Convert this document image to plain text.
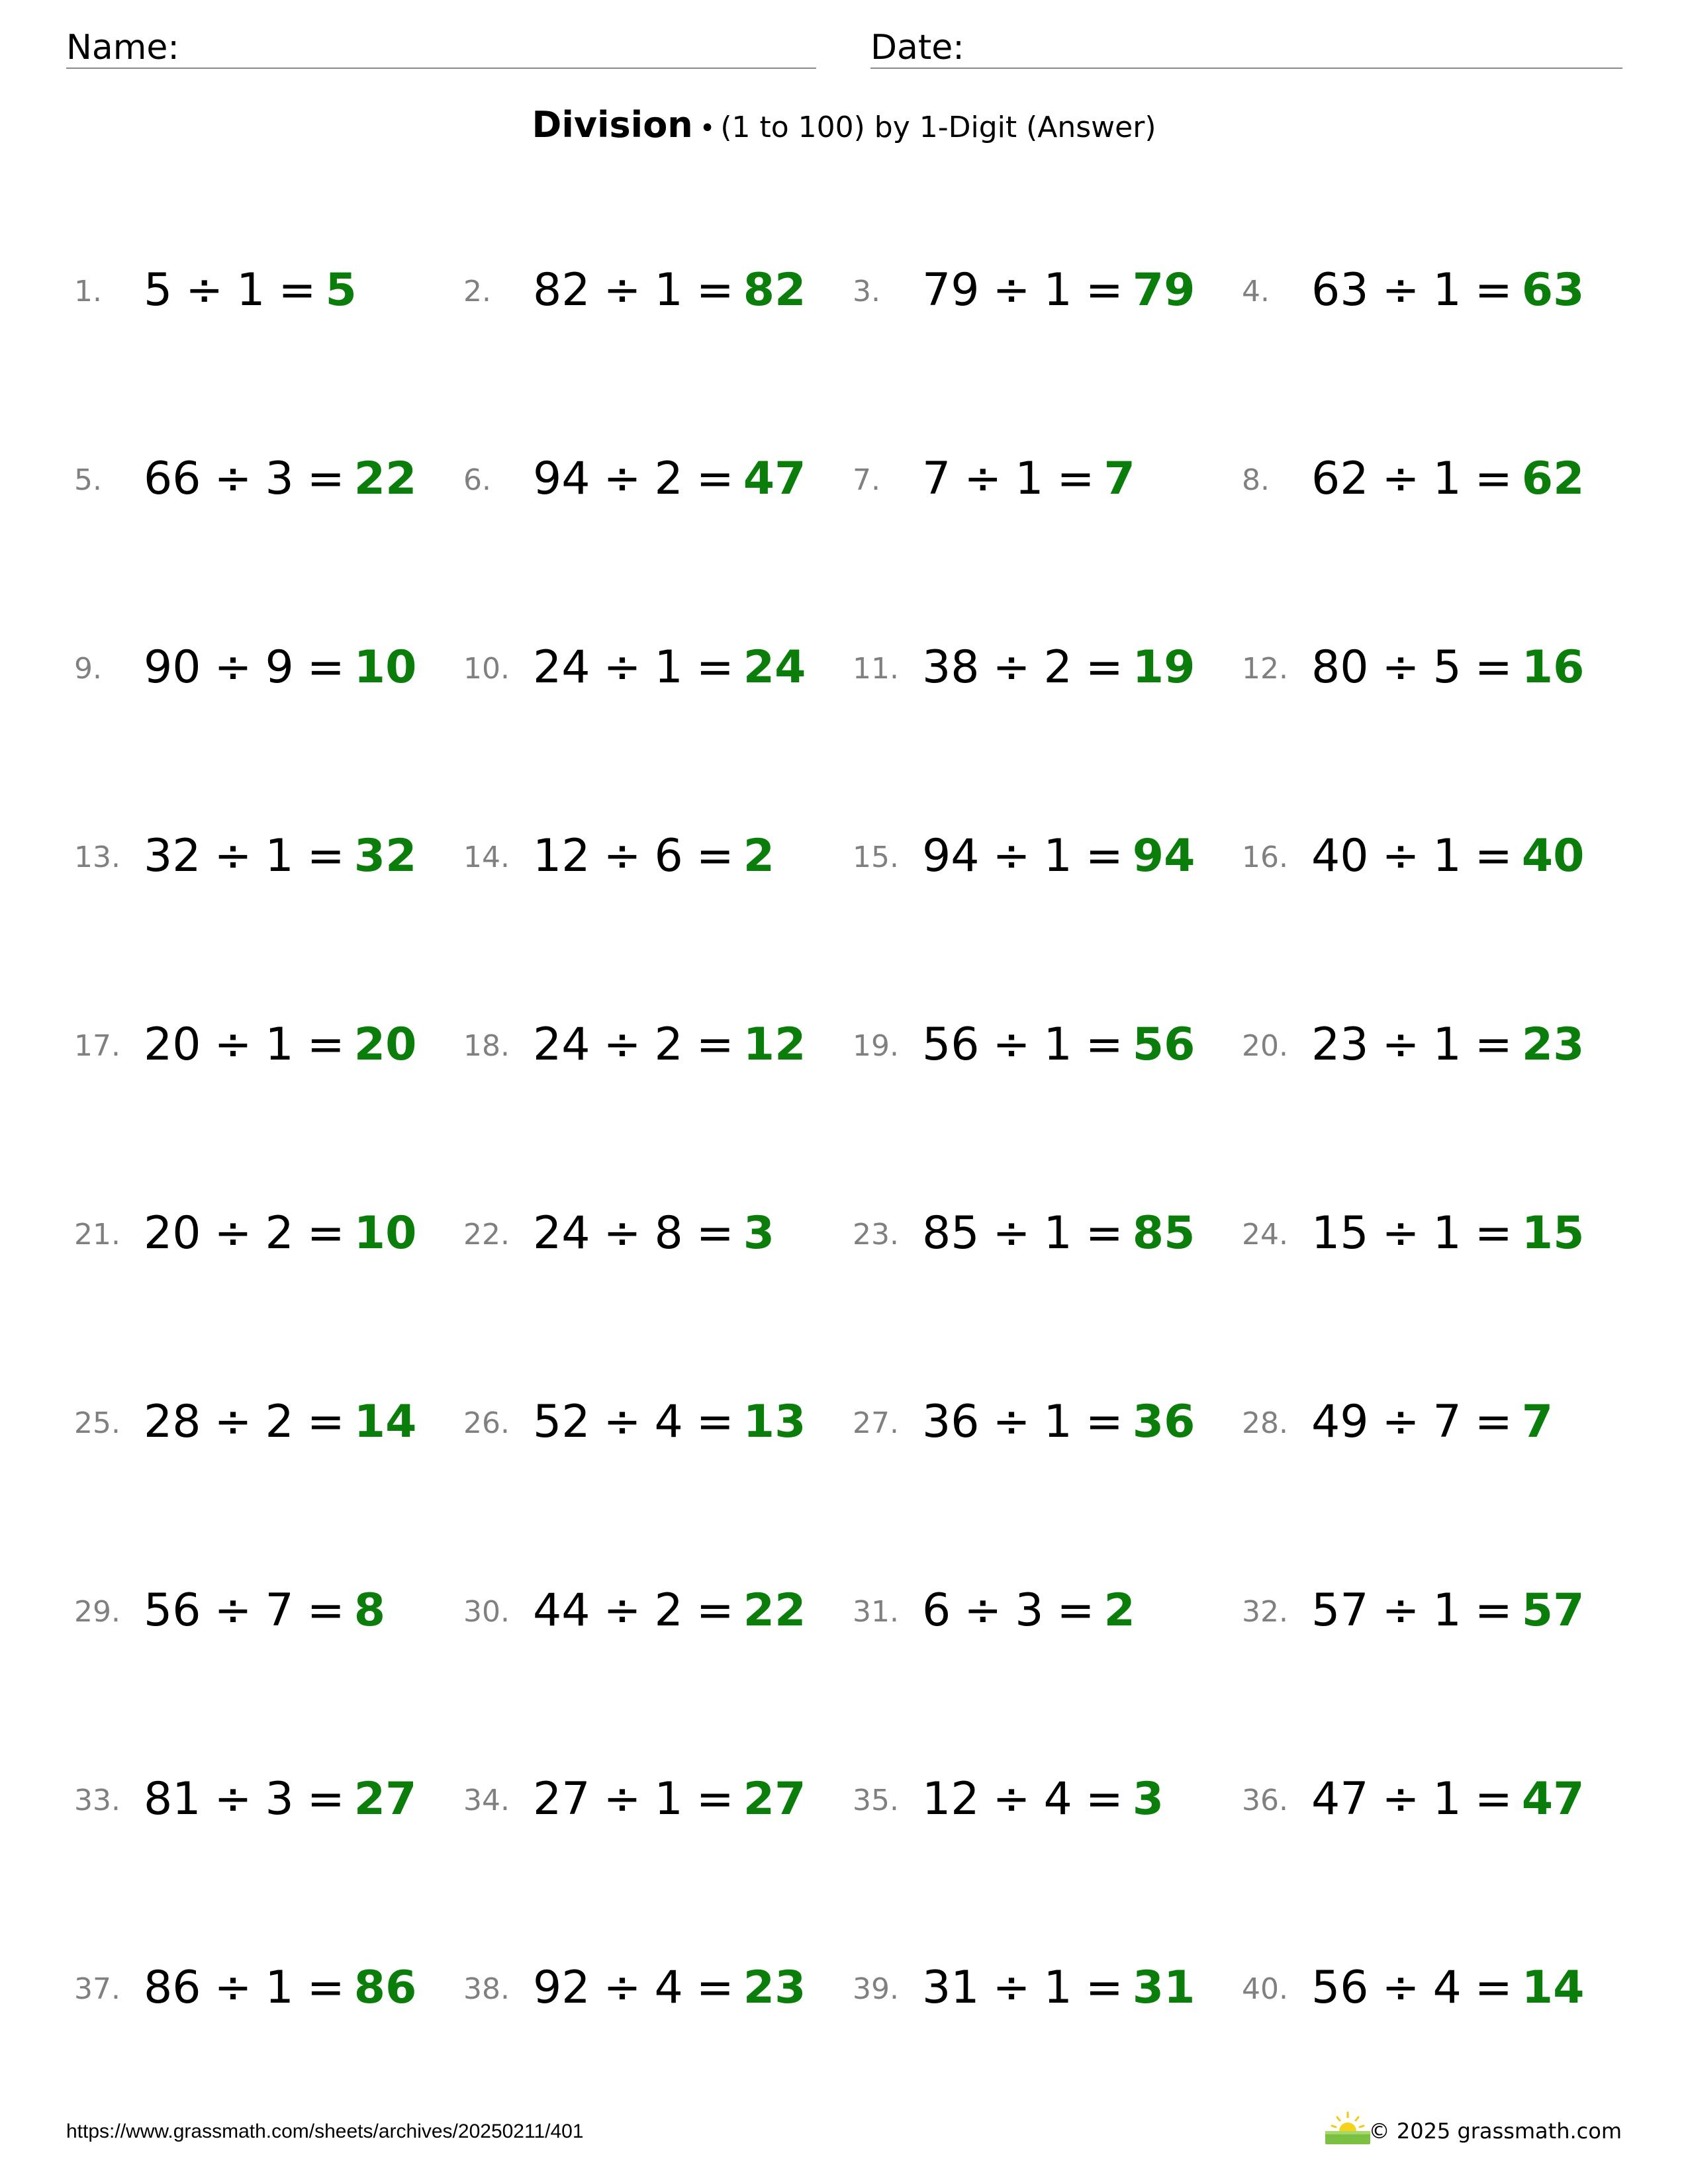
Name:	Date:
Division • (1 to 100) by 1-Digit (Answer)
1. 5 ÷ 1 = 5	2. 82 ÷ 1 = 82 3. 79 ÷ 1 = 79 4. 63 ÷ 1 = 63
5. 66 ÷ 3 = 22 6. 94 ÷ 2 = 47 7. 7 ÷ 1 = 7	8. 62 ÷ 1 = 62
9. 90 ÷ 9 = 10 10. 24 ÷ 1 = 24 11. 38 ÷ 2 = 19 12. 80 ÷ 5 = 16
13. 32 ÷ 1 = 32 14. 12 ÷ 6 = 2	15. 94 ÷ 1 = 94 16. 40 ÷ 1 = 40
17. 20 ÷ 1 = 20 18. 24 ÷ 2 = 12 19. 56 ÷ 1 = 56 20. 23 ÷ 1 = 23
21. 20 ÷ 2 = 10 22. 24 ÷ 8 = 3	23. 85 ÷ 1 = 85 24. 15 ÷ 1 = 15
25. 28 ÷ 2 = 14 26. 52 ÷ 4 = 13 27. 36 ÷ 1 = 36 28. 49 ÷ 7 = 7
29. 56 ÷ 7 = 8	30. 44 ÷ 2 = 22 31. 6 ÷ 3 = 2	32. 57 ÷ 1 = 57
33. 81 ÷ 3 = 27 34. 27 ÷ 1 = 27 35. 12 ÷ 4 = 3	36. 47 ÷ 1 = 47
37. 86 ÷ 1 = 86 38. 92 ÷ 4 = 23 39. 31 ÷ 1 = 31 40. 56 ÷ 4 = 14
https://www.grassmath.com/sheets/archives/20250211/401	© 2025 grassmath.com
